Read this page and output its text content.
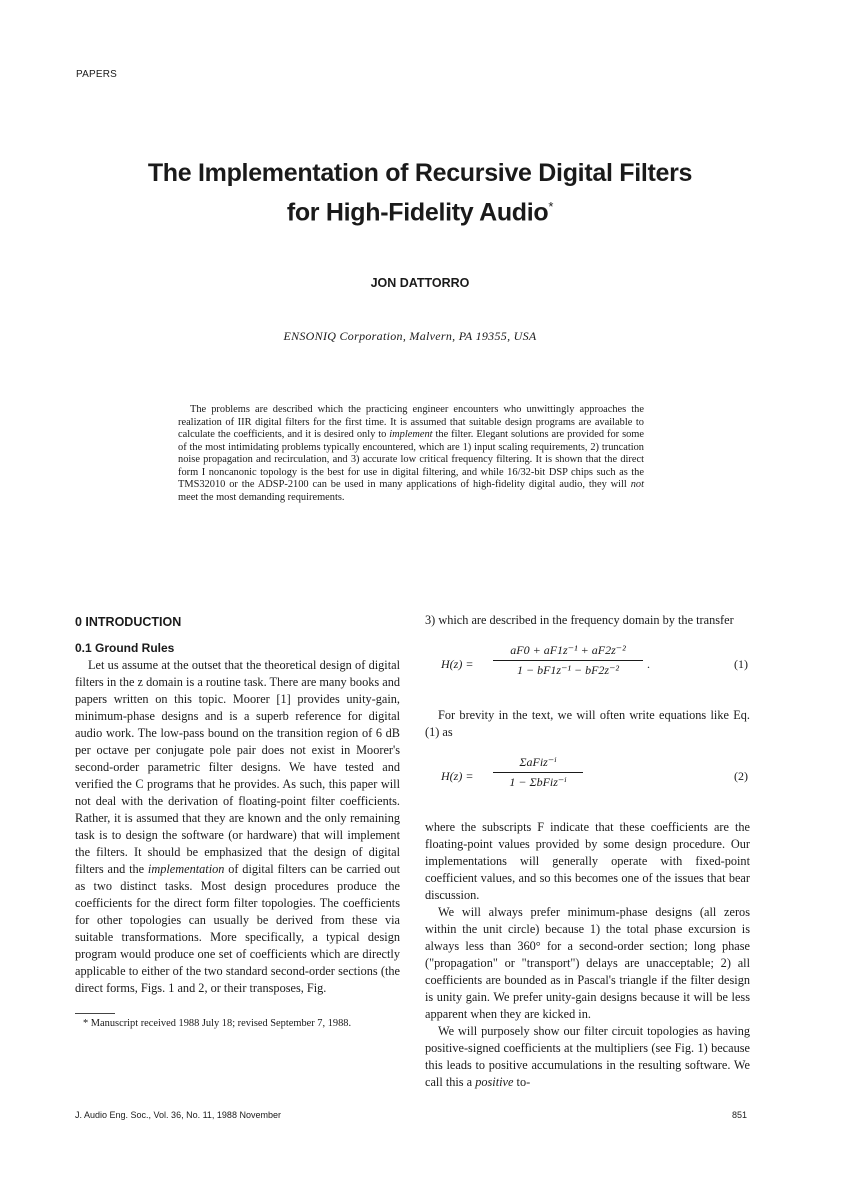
PAPERS
The Implementation of Recursive Digital Filters
for High-Fidelity Audio*
JON DATTORRO
ENSONIQ Corporation, Malvern, PA 19355, USA

The problems are described which the practicing engineer encounters who unwittingly approaches the realization of IIR digital filters for the first time. It is assumed that suitable design programs are available to calculate the coefficients, and it is desired only to implement the filter. Elegant solutions are provided for some of the most intimidating problems typically encountered, which are 1) input scaling requirements, 2) truncation noise propagation and recirculation, and 3) accurate low critical frequency filtering. It is shown that the direct form I noncanonic topology is the best for use in digital filtering, and while 16/32-bit DSP chips such as the TMS32010 or the ADSP-2100 can be used in many applications of high-fidelity digital audio, they will not meet the most demanding requirements.

0 INTRODUCTION
0.1 Ground Rules

Let us assume at the outset that the theoretical design of digital filters in the z domain is a routine task. There are many books and papers written on this topic. Moorer [1] provides unity-gain, minimum-phase designs and is a superb reference for digital audio work. The low-pass bound on the transition region of 6 dB per octave per conjugate pole pair does not exist in Moorer's second-order parametric filter designs. We have tested and verified the C programs that he provides. As such, this paper will not deal with the derivation of floating-point filter coefficients. Rather, it is assumed that they are known and the only remaining task is to design the software (or hardware) that will implement the filters. It should be emphasized that the design of digital filters and the implementation of digital filters can be carried out as two distinct tasks. Most design procedures produce the coefficients for the direct form filter topologies. The coefficients for other topologies can usually be derived from these via suitable transformations. More specifically, a typical design program would produce one set of coefficients which are directly applicable to either of the two standard second-order sections (the direct forms, Figs. 1 and 2, or their transposes, Fig.

* Manuscript received 1988 July 18; revised September 7, 1988.

3) which are described in the frequency domain by the transfer

$H(z) = \frac{\text{aF0 + aF1z⁻¹ + aF2z⁻²}}{\text{1 − bF1z⁻¹ − bF2z⁻²}}$ .	(1)

For brevity in the text, we will often write equations like Eq. (1) as

H(z) =
ΣaFiz⁻ⁱ
1 − ΣbFiz⁻ⁱ	(2)

where the subscripts F indicate that these coefficients are the floating-point values provided by some design procedure. Our implementations will generally operate with fixed-point coefficient values, and so this becomes one of the issues that bear discussion.

We will always prefer minimum-phase designs (all zeros within the unit circle) because 1) the total phase excursion is always less than 360° for a second-order section; long phase ("propagation" or "transport") delays are unacceptable; 2) all coefficients are bounded as in Pascal's triangle if the filter design is unity gain. We prefer unity-gain designs because it will be less apparent when they are kicked in.

We will purposely show our filter circuit topologies as having positive-signed coefficients at the multipliers (see Fig. 1) because this leads to positive accumulations in the resulting software. We call this a positive to-

J. Audio Eng. Soc., Vol. 36, No. 11, 1988 November	851
